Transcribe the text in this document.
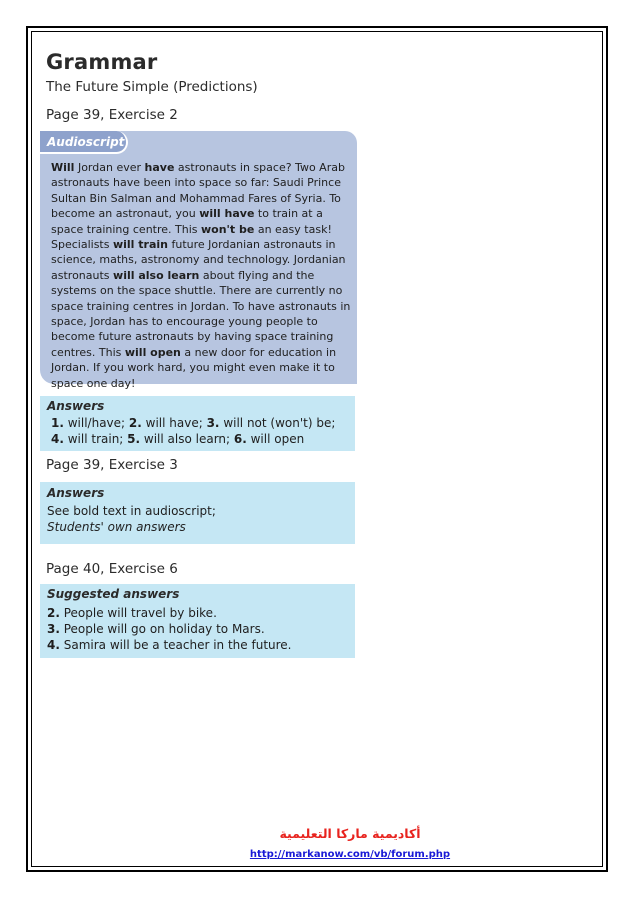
Grammar

The Future Simple (Predictions)

Page 39, Exercise 2

Audioscript

Will Jordan ever have astronauts in space? Two Arab astronauts have been into space so far: Saudi Prince Sultan Bin Salman and Mohammad Fares of Syria. To become an astronaut, you will have to train at a space training centre. This won't be an easy task! Specialists will train future Jordanian astronauts in science, maths, astronomy and technology. Jordanian astronauts will also learn about flying and the systems on the space shuttle. There are currently no space training centres in Jordan. To have astronauts in space, Jordan has to encourage young people to become future astronauts by having space training centres. This will open a new door for education in Jordan. If you work hard, you might even make it to space one day!

Answers

1. will/have; 2. will have; 3. will not (won't) be;

4. will train; 5. will also learn; 6. will open

Page 39, Exercise 3

Answers

See bold text in audioscript;

Students' own answers

Page 40, Exercise 6

Suggested answers

2. People will travel by bike.

3. People will go on holiday to Mars.

4. Samira will be a teacher in the future.

أكاديمية ماركا التعليمية

http://markanow.com/vb/forum.php
